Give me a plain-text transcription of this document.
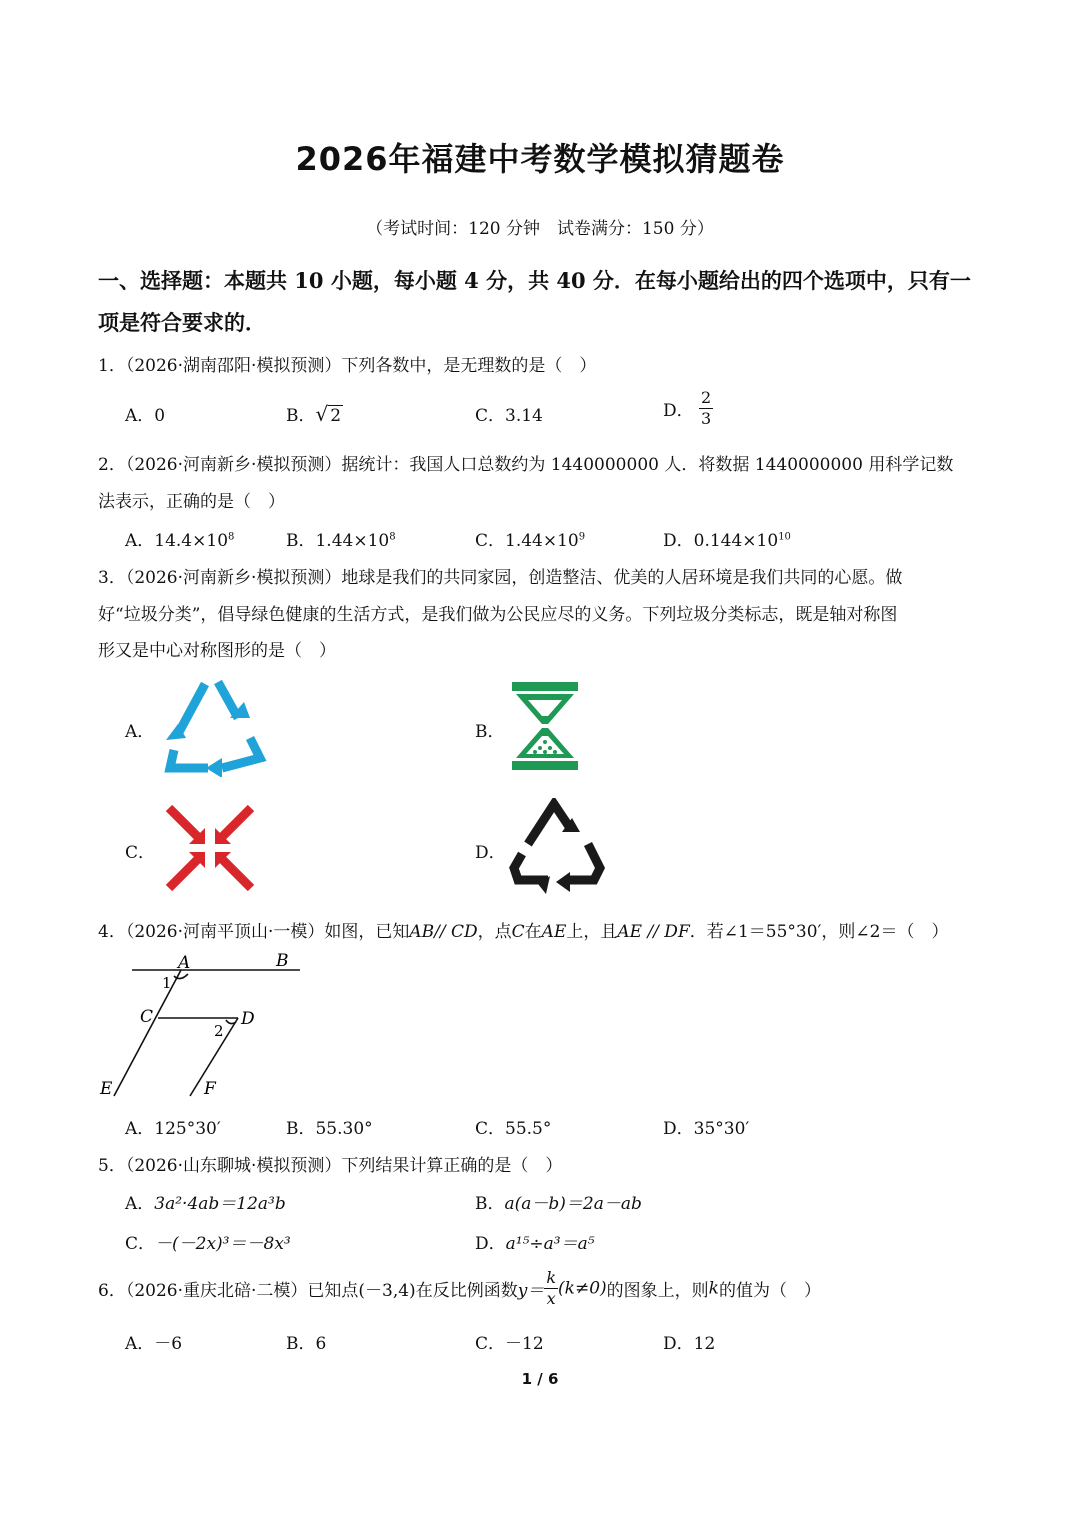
2026年福建中考数学模拟猜题卷
（考试时间：120 分钟　试卷满分：150 分）
一、选择题：本题共 10 小题，每小题 4 分，共 40 分．在每小题给出的四个选项中，只有一
项是符合要求的．
1．（2026·湖南邵阳·模拟预测）下列各数中，是无理数的是（　）
A．0	B．√ 2	C．3.14	D． $\frac{2}{3}$
2．（2026·河南新乡·模拟预测）据统计：我国人口总数约为 1440000000 人．将数据 1440000000 用科学记数
法表示，正确的是（　）
A．$14.4\times 10^8$	B．$1.44\times 10^8$	C．$1.44\times 10^9$	D．$0.144\times 10^{10}$
3．（2026·河南新乡·模拟预测）地球是我们的共同家园，创造整洁、优美的人居环境是我们共同的心愿。做
好“垃圾分类”，倡导绿色健康的生活方式，是我们做为公民应尽的义务。下列垃圾分类标志，既是轴对称图
形又是中心对称图形的是（　）
A．	B．
C．	D．
4．（2026·河南平顶山·一模）如图，已知AB// CD，点C在AE上，且AE // DF．若∠1＝55°30′，则∠2＝（　）
A	B
C	D
E	F
1
2
A．125°30′	B．55.30°	C．55.5°	D．35°30′
5．（2026·山东聊城·模拟预测）下列结果计算正确的是（　）
A．3a²·4ab＝12a³b	B．a(a－b)＝2a－ab
C．－(－2x)³＝－8x³	D．a¹⁵÷a³＝a⁵
6．（2026·重庆北碚·二模）已知点(－3,4)在反比例函数$y= \frac{k}{x} (k\ne 0)$的图象上，则k的值为（　）
A．－6	B．6	C．－12	D．12
1 / 6
